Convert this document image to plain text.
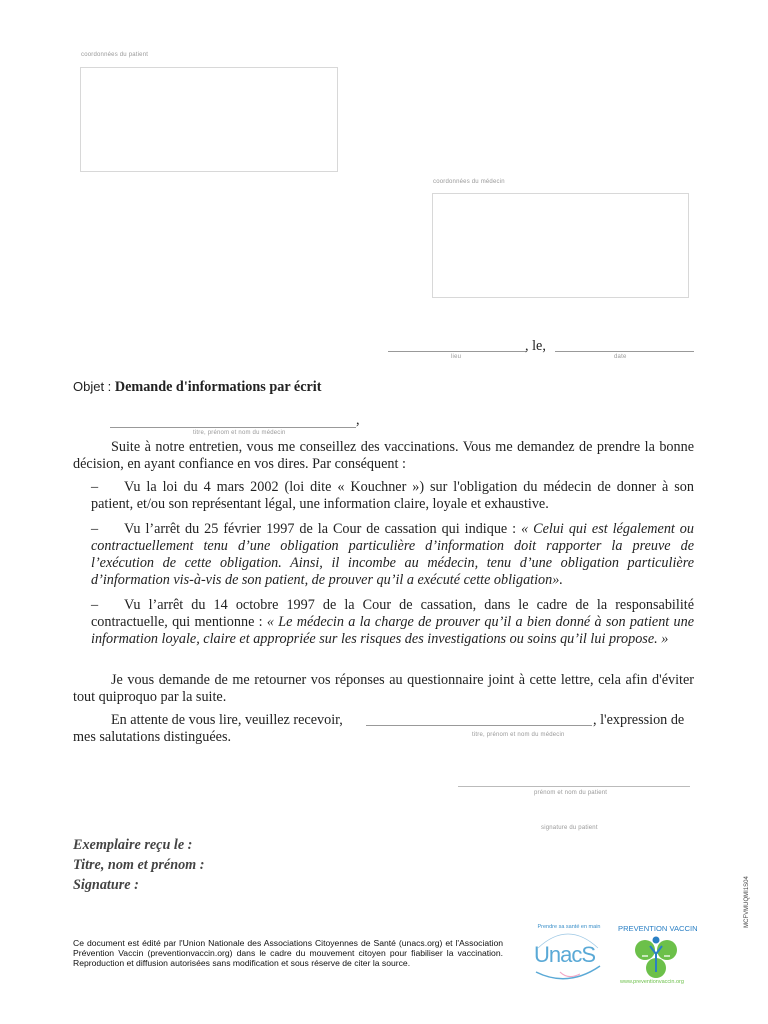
coordonnées du patient
coordonnées du médecin
, le,
lieu	date
Objet : Demande d'informations par écrit
,
titre, prénom et nom du médecin
Suite à notre entretien, vous me conseillez des vaccinations. Vous me demandez de prendre la bonne décision, en ayant confiance en vos dires. Par conséquent :
–	Vu la loi du 4 mars 2002 (loi dite « Kouchner ») sur l'obligation du médecin de donner à son patient, et/ou son représentant légal, une information claire, loyale et exhaustive.
–	Vu l’arrêt du 25 février 1997 de la Cour de cassation qui indique : « Celui qui est légalement ou contractuellement tenu d’une obligation particulière d’information doit rapporter la preuve de l’exécution de cette obligation. Ainsi, il incombe au médecin, tenu d’une obligation particulière d’information vis-à-vis de son patient, de prouver qu’il a exécuté cette obligation».
–	Vu l’arrêt du 14 octobre 1997 de la Cour de cassation, dans le cadre de la responsabilité contractuelle, qui mentionne : « Le médecin a la charge de prouver qu’il a bien donné à son patient une information loyale, claire et appropriée sur les risques des investigations ou soins qu’il lui propose. »
Je vous demande de me retourner vos réponses au questionnaire joint à cette lettre, cela afin d'éviter tout quiproquo par la suite.
En attente de vous lire, veuillez recevoir,	, l'expression de
mes salutations distinguées.	titre, prénom et nom du médecin
prénom et nom du patient
signature du patient
Exemplaire reçu le :
Titre, nom et prénom :
Signature :
Ce document est édité par l'Union Nationale des Associations Citoyennes de Santé (unacs.org) et l'Association Prévention Vaccin (preventionvaccin.org) dans le cadre du mouvement citoyen pour fiabiliser la vaccination. Reproduction et diffusion autorisées sans modification et sous réserve de citer la source.
Prendre sa santé en main
UnacS
PREVENTION VACCIN
www.preventionvaccin.org
MCFVMUQMI1S04
